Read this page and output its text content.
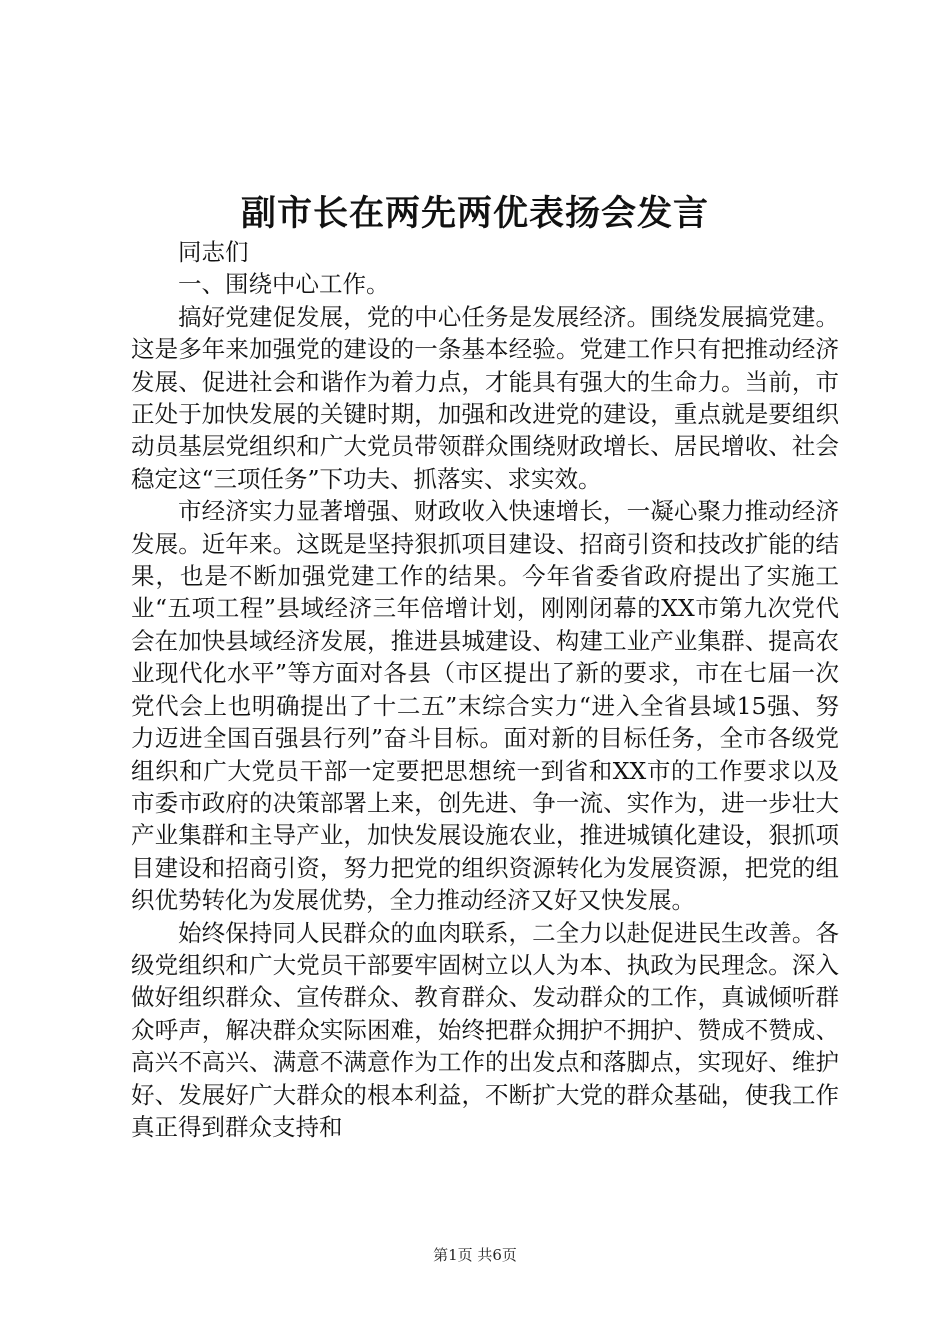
副市长在两先两优表扬会发言

同志们

一、围绕中心工作。

搞好党建促发展，党的中心任务是发展经济。围绕发展搞党建。这是多年来加强党的建设的一条基本经验。党建工作只有把推动经济发展、促进社会和谐作为着力点，才能具有强大的生命力。当前，市正处于加快发展的关键时期，加强和改进党的建设，重点就是要组织动员基层党组织和广大党员带领群众围绕财政增长、居民增收、社会稳定这“三项任务”下功夫、抓落实、求实效。

市经济实力显著增强、财政收入快速增长，一凝心聚力推动经济发展。近年来。这既是坚持狠抓项目建设、招商引资和技改扩能的结果，也是不断加强党建工作的结果。今年省委省政府提出了实施工业“五项工程”县域经济三年倍增计划，刚刚闭幕的XX市第九次党代会在加快县域经济发展，推进县城建设、构建工业产业集群、提高农业现代化水平”等方面对各县（市区提出了新的要求，市在七届一次党代会上也明确提出了十二五”末综合实力“进入全省县域15强、努力迈进全国百强县行列”奋斗目标。面对新的目标任务，全市各级党组织和广大党员干部一定要把思想统一到省和XX市的工作要求以及市委市政府的决策部署上来，创先进、争一流、实作为，进一步壮大产业集群和主导产业，加快发展设施农业，推进城镇化建设，狠抓项目建设和招商引资，努力把党的组织资源转化为发展资源，把党的组织优势转化为发展优势，全力推动经济又好又快发展。

始终保持同人民群众的血肉联系，二全力以赴促进民生改善。各级党组织和广大党员干部要牢固树立以人为本、执政为民理念。深入做好组织群众、宣传群众、教育群众、发动群众的工作，真诚倾听群众呼声，解决群众实际困难，始终把群众拥护不拥护、赞成不赞成、高兴不高兴、满意不满意作为工作的出发点和落脚点，实现好、维护好、发展好广大群众的根本利益，不断扩大党的群众基础，使我工作真正得到群众支持和

第1页 共6页
